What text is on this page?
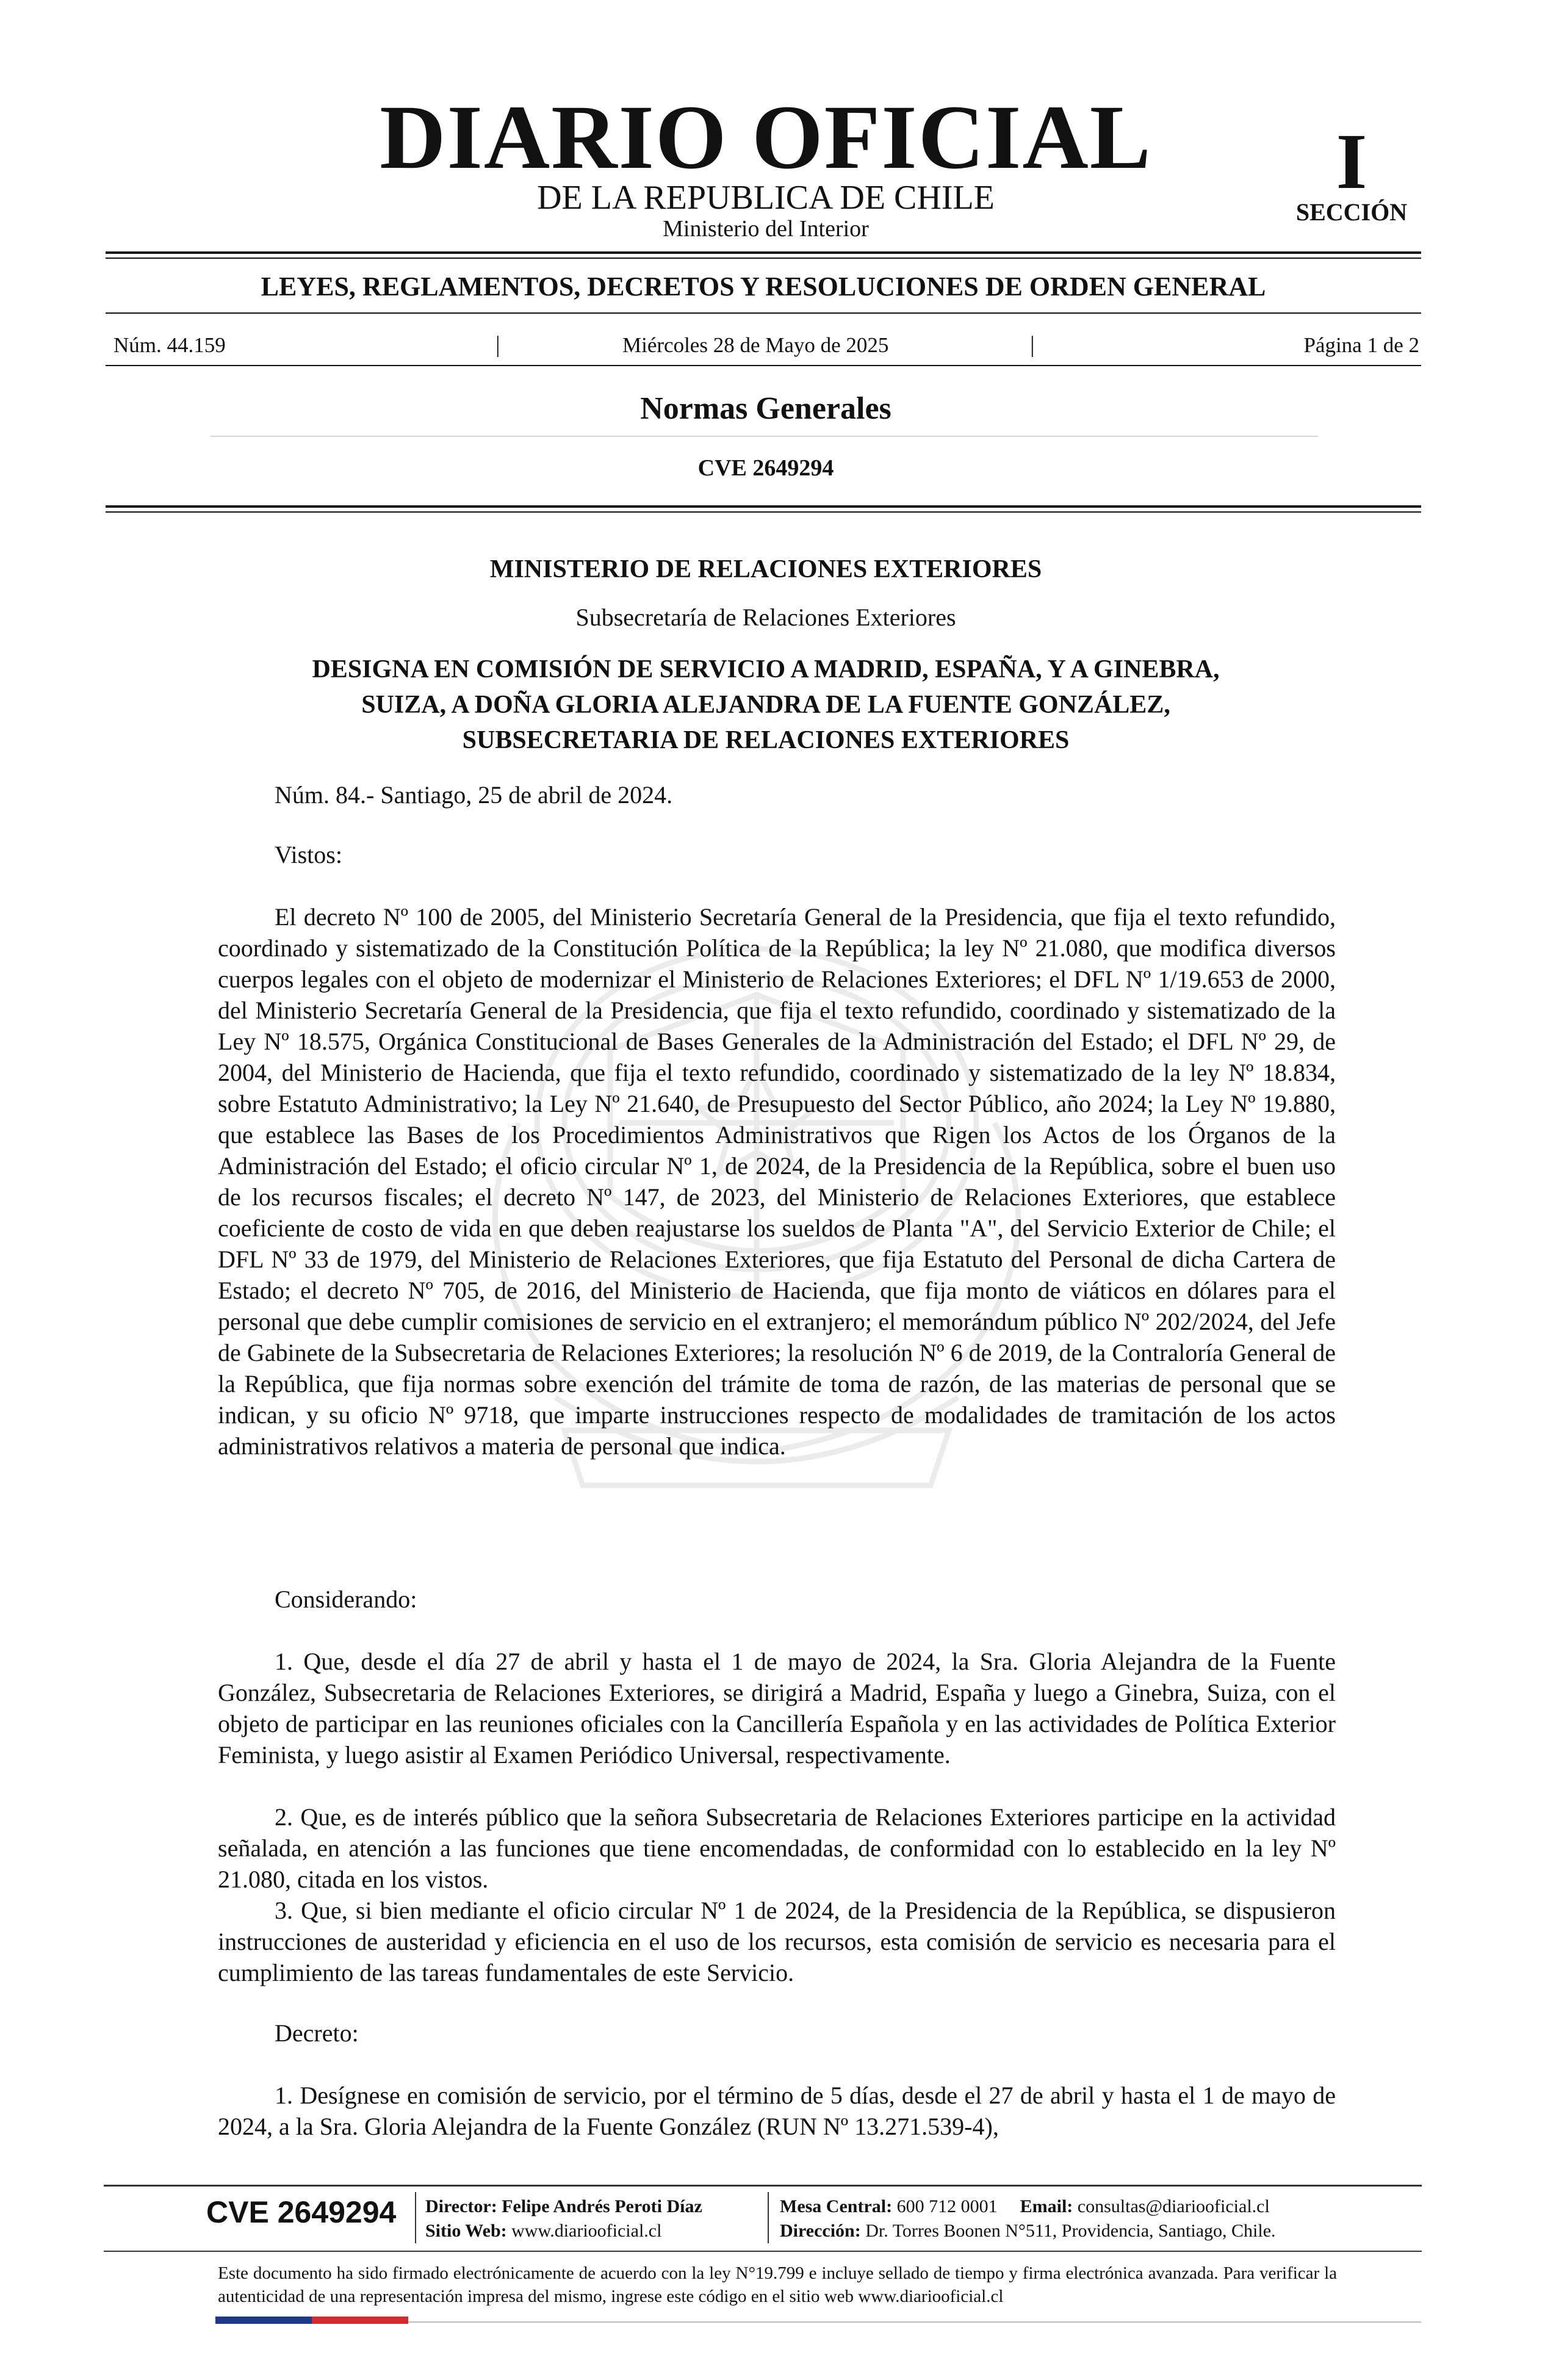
DIARIO OFICIAL
DE LA REPUBLICA DE CHILE
Ministerio del Interior
I
SECCIÓN
LEYES, REGLAMENTOS, DECRETOS Y RESOLUCIONES DE ORDEN GENERAL
Núm. 44.159	|	Miércoles 28 de Mayo de 2025	|	Página 1 de 2
Normas Generales
CVE 2649294
MINISTERIO DE RELACIONES EXTERIORES
Subsecretaría de Relaciones Exteriores
DESIGNA EN COMISIÓN DE SERVICIO A MADRID, ESPAÑA, Y A GINEBRA,
SUIZA, A DOÑA GLORIA ALEJANDRA DE LA FUENTE GONZÁLEZ,
SUBSECRETARIA DE RELACIONES EXTERIORES
Núm. 84.- Santiago, 25 de abril de 2024.
Vistos:

El decreto Nº 100 de 2005, del Ministerio Secretaría General de la Presidencia, que fija el texto refundido, coordinado y sistematizado de la Constitución Política de la República; la ley Nº 21.080, que modifica diversos cuerpos legales con el objeto de modernizar el Ministerio de Relaciones Exteriores; el DFL Nº 1/19.653 de 2000, del Ministerio Secretaría General de la Presidencia, que fija el texto refundido, coordinado y sistematizado de la Ley Nº 18.575, Orgánica Constitucional de Bases Generales de la Administración del Estado; el DFL Nº 29, de 2004, del Ministerio de Hacienda, que fija el texto refundido, coordinado y sistematizado de la ley Nº 18.834, sobre Estatuto Administrativo; la Ley Nº 21.640, de Presupuesto del Sector Público, año 2024; la Ley Nº 19.880, que establece las Bases de los Procedimientos Administrativos que Rigen los Actos de los Órganos de la Administración del Estado; el oficio circular Nº 1, de 2024, de la Presidencia de la República, sobre el buen uso de los recursos fiscales; el decreto Nº 147, de 2023, del Ministerio de Relaciones Exteriores, que establece coeficiente de costo de vida en que deben reajustarse los sueldos de Planta "A", del Servicio Exterior de Chile; el DFL Nº 33 de 1979, del Ministerio de Relaciones Exteriores, que fija Estatuto del Personal de dicha Cartera de Estado; el decreto Nº 705, de 2016, del Ministerio de Hacienda, que fija monto de viáticos en dólares para el personal que debe cumplir comisiones de servicio en el extranjero; el memorándum público Nº 202/2024, del Jefe de Gabinete de la Subsecretaria de Relaciones Exteriores; la resolución Nº 6 de 2019, de la Contraloría General de la República, que fija normas sobre exención del trámite de toma de razón, de las materias de personal que se indican, y su oficio Nº 9718, que imparte instrucciones respecto de modalidades de tramitación de los actos administrativos relativos a materia de personal que indica.

Considerando:

1. Que, desde el día 27 de abril y hasta el 1 de mayo de 2024, la Sra. Gloria Alejandra de la Fuente González, Subsecretaria de Relaciones Exteriores, se dirigirá a Madrid, España y luego a Ginebra, Suiza, con el objeto de participar en las reuniones oficiales con la Cancillería Española y en las actividades de Política Exterior Feminista, y luego asistir al Examen Periódico Universal, respectivamente.

2. Que, es de interés público que la señora Subsecretaria de Relaciones Exteriores participe en la actividad señalada, en atención a las funciones que tiene encomendadas, de conformidad con lo establecido en la ley Nº 21.080, citada en los vistos.

3. Que, si bien mediante el oficio circular Nº 1 de 2024, de la Presidencia de la República, se dispusieron instrucciones de austeridad y eficiencia en el uso de los recursos, esta comisión de servicio es necesaria para el cumplimiento de las tareas fundamentales de este Servicio.

Decreto:

1. Desígnese en comisión de servicio, por el término de 5 días, desde el 27 de abril y hasta el 1 de mayo de 2024, a la Sra. Gloria Alejandra de la Fuente González (RUN Nº 13.271.539-4),

CVE 2649294 Director: Felipe Andrés Peroti Díaz
Sitio Web: www.diariooficial.cl
Mesa Central: 600 712 0001 Email: consultas@diariooficial.cl
Dirección: Dr. Torres Boonen N°511, Providencia, Santiago, Chile.
Este documento ha sido firmado electrónicamente de acuerdo con la ley N°19.799 e incluye sellado de tiempo y firma electrónica avanzada. Para verificar la autenticidad de una representación impresa del mismo, ingrese este código en el sitio web www.diariooficial.cl
